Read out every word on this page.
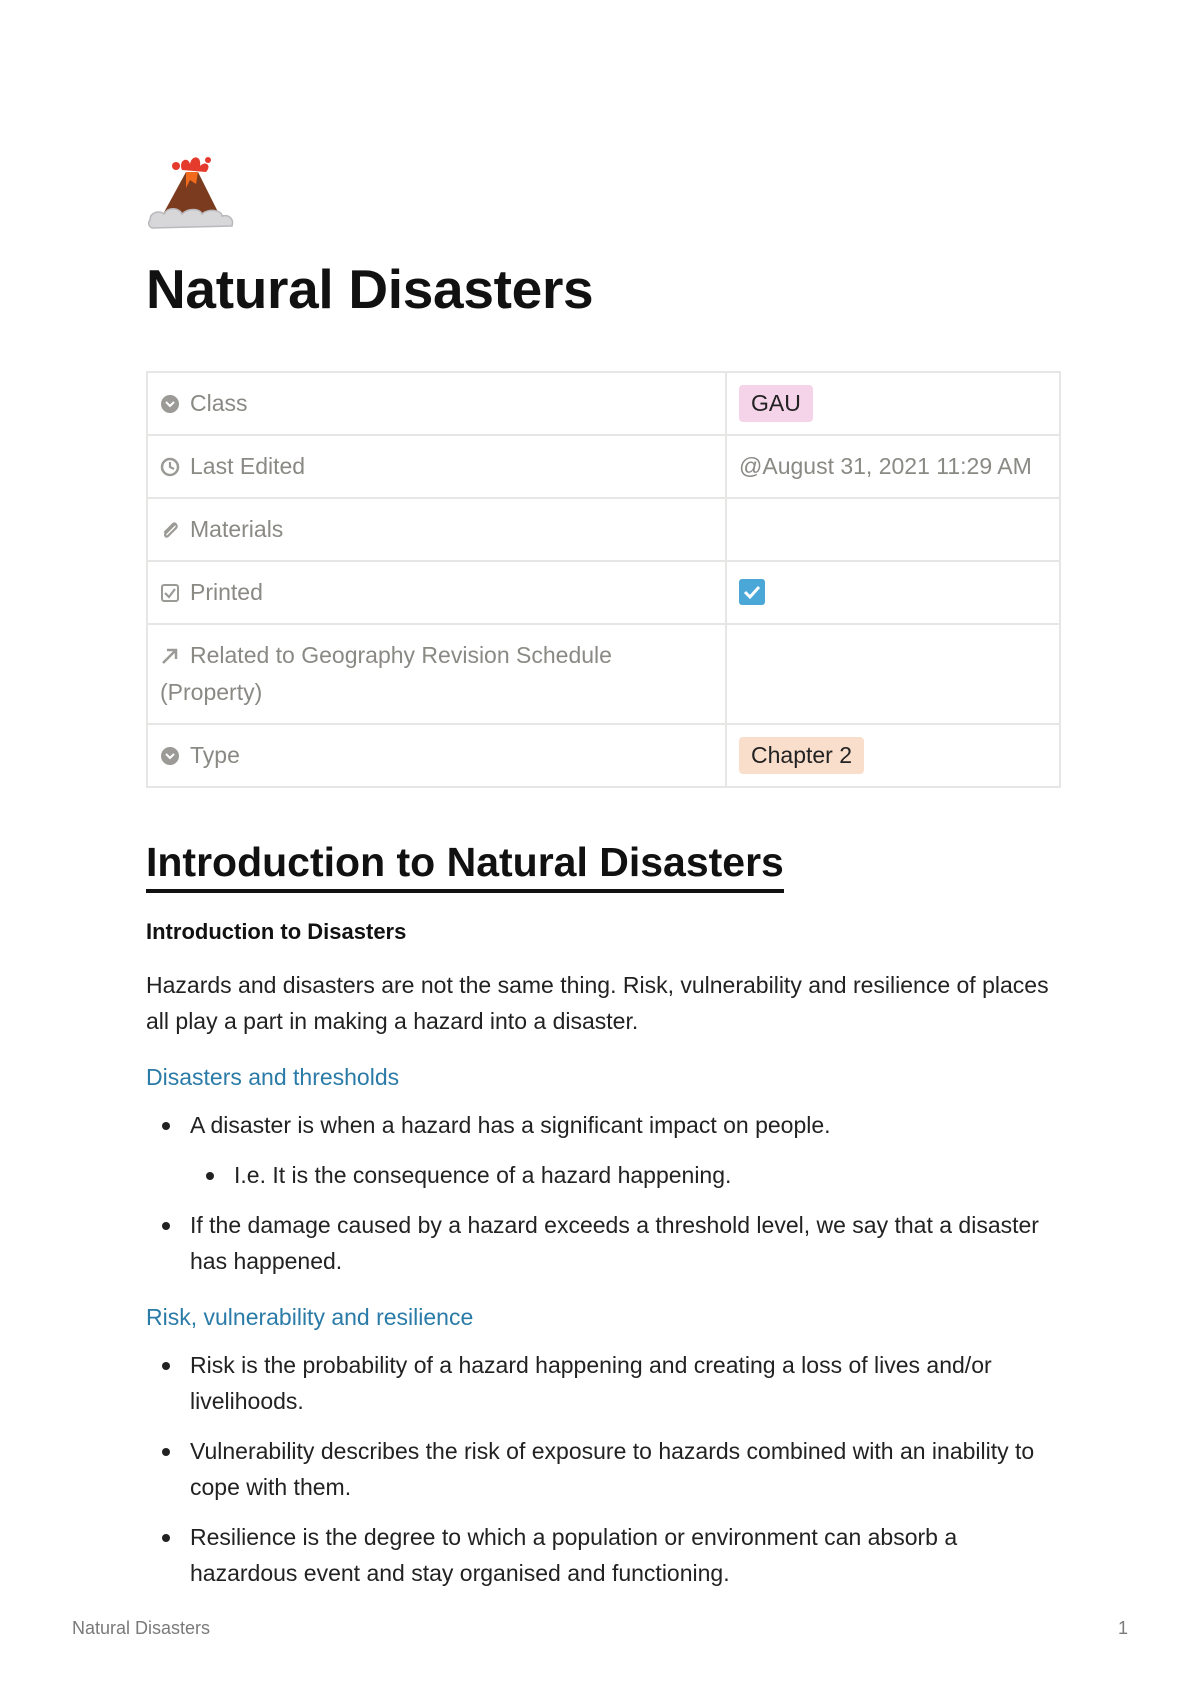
Natural Disasters
Class	GAU
Last Edited	@August 31, 2021 11:29 AM
Materials	
Printed	
Related to Geography Revision Schedule (Property)	
Type	Chapter 2
Introduction to Natural Disasters
Introduction to Disasters

Hazards and disasters are not the same thing. Risk, vulnerability and resilience of places all play a part in making a hazard into a disaster.

Disasters and thresholds
A disaster is when a hazard has a significant impact on people.
I.e. It is the consequence of a hazard happening.
If the damage caused by a hazard exceeds a threshold level, we say that a disaster has happened.
Risk, vulnerability and resilience
Risk is the probability of a hazard happening and creating a loss of lives and/or livelihoods.
Vulnerability describes the risk of exposure to hazards combined with an inability to cope with them.
Resilience is the degree to which a population or environment can absorb a hazardous event and stay organised and functioning.
Natural Disasters	1
